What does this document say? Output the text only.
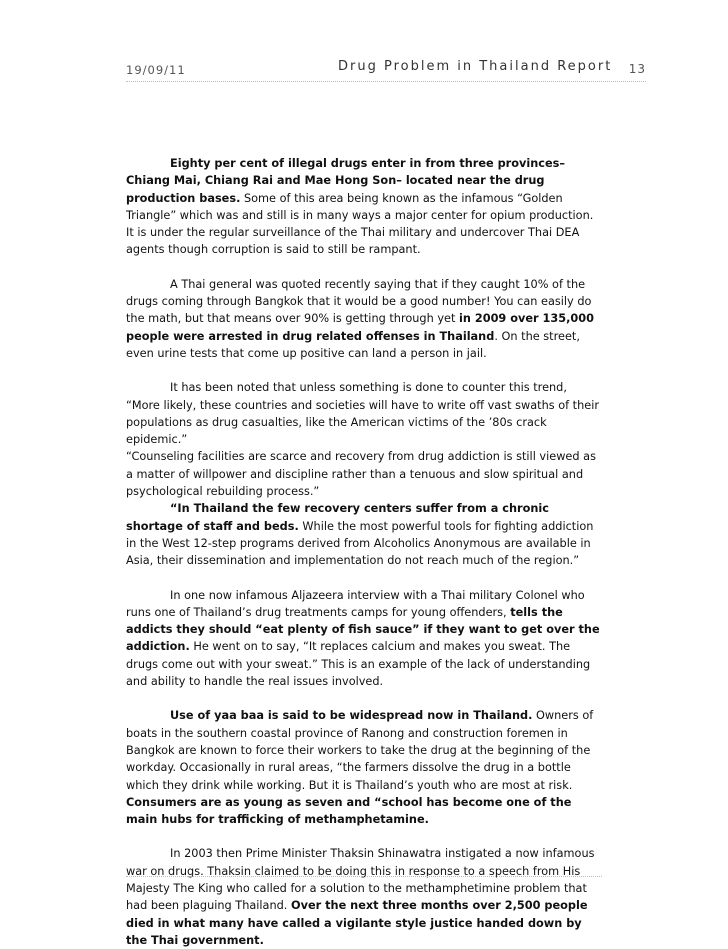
19/09/11	Drug Problem in Thailand Report 13

Eighty per cent of illegal drugs enter in from three provinces–Chiang Mai, Chiang Rai and Mae Hong Son– located near the drug production bases. Some of this area being known as the infamous “Golden Triangle” which was and still is in many ways a major center for opium production. It is under the regular surveillance of the Thai military and undercover Thai DEA agents though corruption is said to still be rampant.

A Thai general was quoted recently saying that if they caught 10% of the drugs coming through Bangkok that it would be a good number! You can easily do the math, but that means over 90% is getting through yet in 2009 over 135,000 people were arrested in drug related offenses in Thailand. On the street, even urine tests that come up positive can land a person in jail.

It has been noted that unless something is done to counter this trend, “More likely, these countries and societies will have to write off vast swaths of their populations as drug casualties, like the American victims of the ’80s crack epidemic.”

“Counseling facilities are scarce and recovery from drug addiction is still viewed as a matter of willpower and discipline rather than a tenuous and slow spiritual and psychological rebuilding process.”

“In Thailand the few recovery centers suffer from a chronic shortage of staff and beds. While the most powerful tools for fighting addiction in the West 12-step programs derived from Alcoholics Anonymous are available in Asia, their dissemination and implementation do not reach much of the region.”

In one now infamous Aljazeera interview with a Thai military Colonel who runs one of Thailand’s drug treatments camps for young offenders, tells the addicts they should “eat plenty of fish sauce” if they want to get over the addiction. He went on to say, “It replaces calcium and makes you sweat. The drugs come out with your sweat.” This is an example of the lack of understanding and ability to handle the real issues involved.

Use of yaa baa is said to be widespread now in Thailand. Owners of boats in the southern coastal province of Ranong and construction foremen in Bangkok are known to force their workers to take the drug at the beginning of the workday. Occasionally in rural areas, “the farmers dissolve the drug in a bottle which they drink while working. But it is Thailand’s youth who are most at risk. Consumers are as young as seven and “school has become one of the main hubs for trafficking of methamphetamine.

In 2003 then Prime Minister Thaksin Shinawatra instigated a now infamous war on drugs. Thaksin claimed to be doing this in response to a speech from His Majesty The King who called for a solution to the methamphetimine problem that had been plaguing Thailand. Over the next three months over 2,500 people died in what many have called a vigilante style justice handed down by the Thai government.
